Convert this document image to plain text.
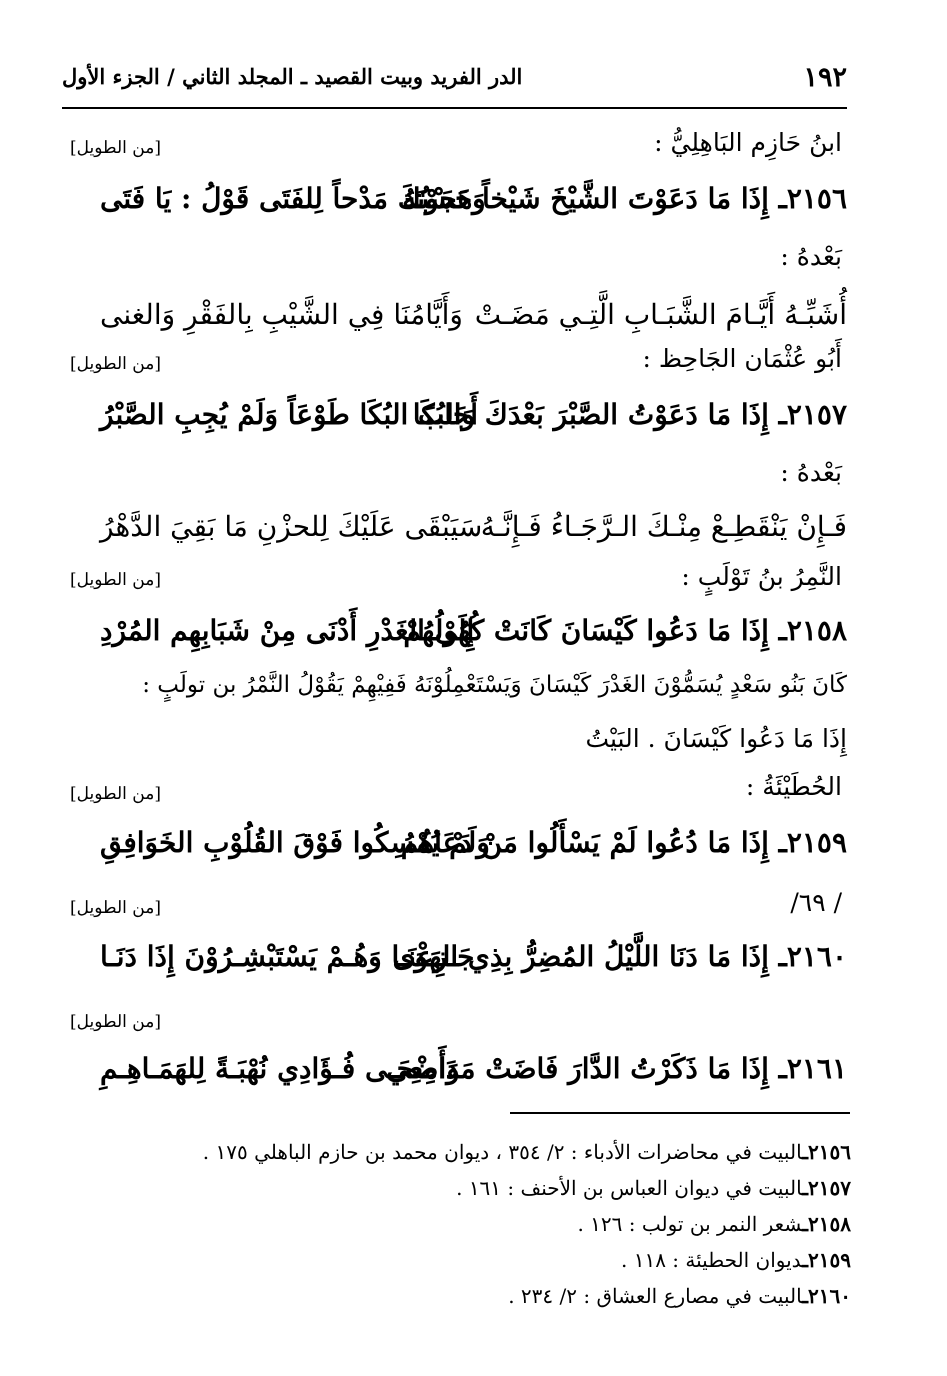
١٩٢
الدر الفريد وبيت القصيد ـ المجلد الثاني / الجزء الأول
ابنُ حَازِم البَاهِلِيُّ :
[من الطويل]
٢١٥٦ـ إِذَا مَا دَعَوْتَ الشَّيْخَ شَيْخاً هَجَوْتَهُ
وَحَسْبُكَ مَدْحاً لِلفَتَى قَوْلُ : يَا فَتَى
بَعْدهُ :
أُشَبِّـهُ أَيَّـامَ الشَّبَـابِ الَّتِـي مَضَـتْ
وَأَيَّامُنَا فِي الشَّيْبِ بِالفَقْرِ وَالغنى
أَبُو عُثْمَان الجَاحِظ :
[من الطويل]
٢١٥٧ـ إِذَا مَا دَعَوْتُ الصَّبْرَ بَعْدَكَ وَالبُكَا
أَجَابَ البُكَا طَوْعَاً وَلَمْ يُجِبِ الصَّبْرُ
بَعْدهُ :
فَـإِنْ يَنْقَطِـعْ مِنْـكَ الـرَّجَـاءُ فَـإِنَّـهُ
سَيَبْقَى عَلَيْكَ لِلحزْنِ مَا بَقِيَ الدَّهْرُ
النَّمِرُ بنُ تَوْلَبٍ :
[من الطويل]
٢١٥٨ـ إِذَا مَا دَعُوا كَيْسَانَ كَانَتْ كُهُوْلُهُمْ
إِلَى الغَدْرِ أَدْنَى مِنْ شَبَابِهِم المُرْدِ
كَانَ بَنُو سَعْدٍ يُسَمُّوْنَ الغَدْرَ كَيْسَانَ وَيَسْتَعْمِلُوْنَهُ فَفِيْهِمْ يَقُوْلُ النَّمْرُ بن تولَبٍ :
إِذَا مَا دَعُوا كَيْسَانَ . البَيْتُ
الحُطَيْئَةُ :
[من الطويل]
٢١٥٩ـ إِذَا مَا دُعُوا لَمْ يَسْأَلُوا مَنْ دَعَاهُمُ
وَلَمْ يُمْسِكُوا فَوْقَ القُلُوْبِ الخَوَافِقِ
/ ٦٩/
[من الطويل]
٢١٦٠ـ إِذَا مَا دَنَا اللَّيْلُ المُضِرُّ بِذِي الهَوَى
جَـزِعْنَـا وَهُـمْ يَسْتَبْشِـرُوْنَ إِذَا دَنَـا
[من الطويل]
٢١٦١ـ إِذَا مَا ذَكَرْتُ الدَّارَ فَاضَتْ مَدَامِعِي
وَأَضْحَـى فُـؤَادِي نُهْبَـةً لِلهَمَـاهِـمِ
٢١٥٦ـالبيت في محاضرات الأدباء : ٢/ ٣٥٤ ، ديوان محمد بن حازم الباهلي ١٧٥ .
٢١٥٧ـالبيت في ديوان العباس بن الأحنف : ١٦١ .
٢١٥٨ـشعر النمر بن تولب : ١٢٦ .
٢١٥٩ـديوان الحطيئة : ١١٨ .
٢١٦٠ـالبيت في مصارع العشاق : ٢/ ٢٣٤ .
